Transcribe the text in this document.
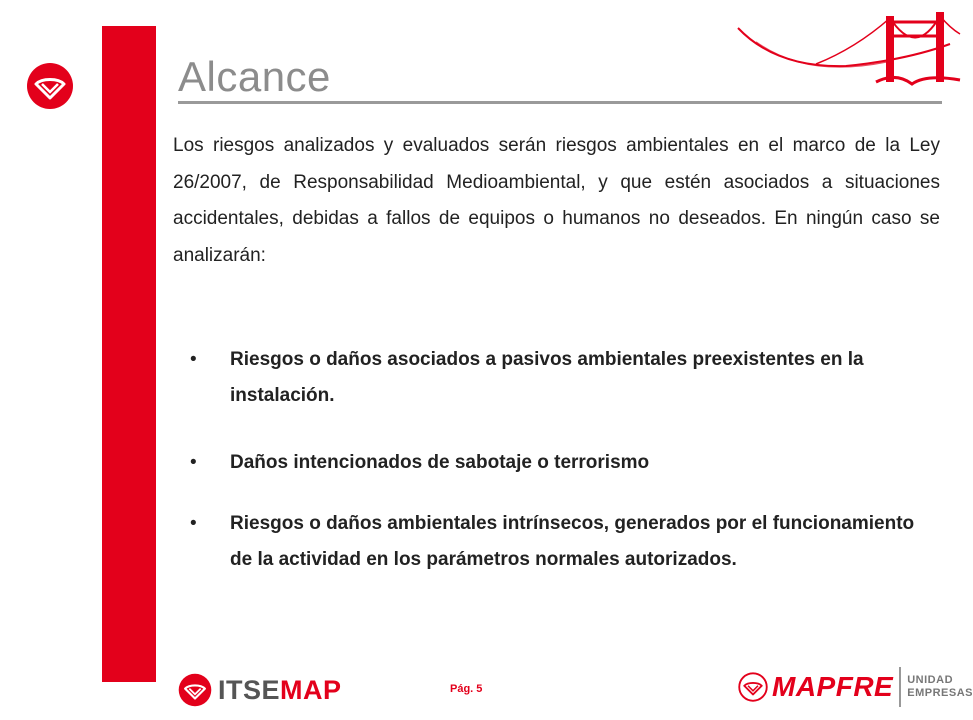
Alcance

Los riesgos analizados y evaluados serán riesgos ambientales en el marco de la Ley 26/2007, de Responsabilidad Medioambiental, y que estén asociados a situaciones accidentales, debidas a fallos de equipos o humanos no deseados. En ningún caso se analizarán:

• Riesgos o daños asociados a pasivos ambientales preexistentes en la instalación.
• Daños intencionados de sabotaje o terrorismo
• Riesgos o daños ambientales intrínsecos, generados por el funcionamiento de la actividad en los parámetros normales autorizados.
ITSEMAP	Pág. 5	MAPFRE UNIDAD
EMPRESAS
